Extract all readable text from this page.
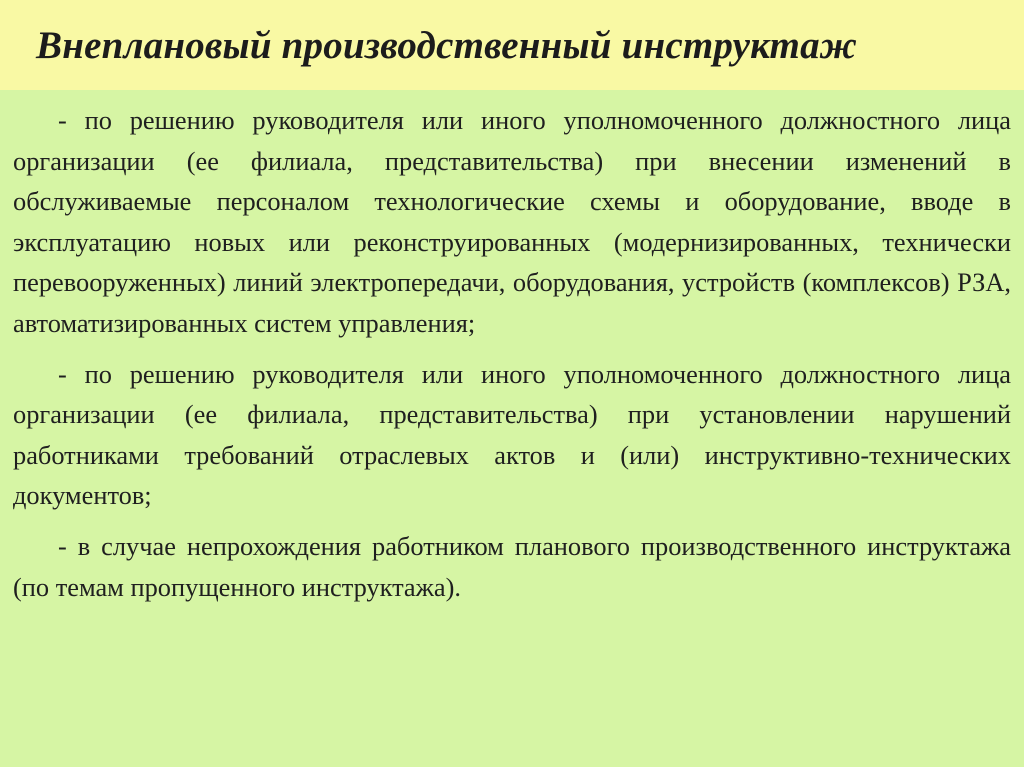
Внеплановый производственный инструктаж

- по решению руководителя или иного уполномоченного должностного лица организации (ее филиала, представительства) при внесении изменений в обслуживаемые персоналом технологические схемы и оборудование, вводе в эксплуатацию новых или реконструированных (модернизированных, технически перевооруженных) линий электропередачи, оборудования, устройств (комплексов) РЗА, автоматизированных систем управления;

- по решению руководителя или иного уполномоченного должностного лица организации (ее филиала, представительства) при установлении нарушений работниками требований отраслевых актов и (или) инструктивно-технических документов;

- в случае непрохождения работником планового производственного инструктажа (по темам пропущенного инструктажа).
